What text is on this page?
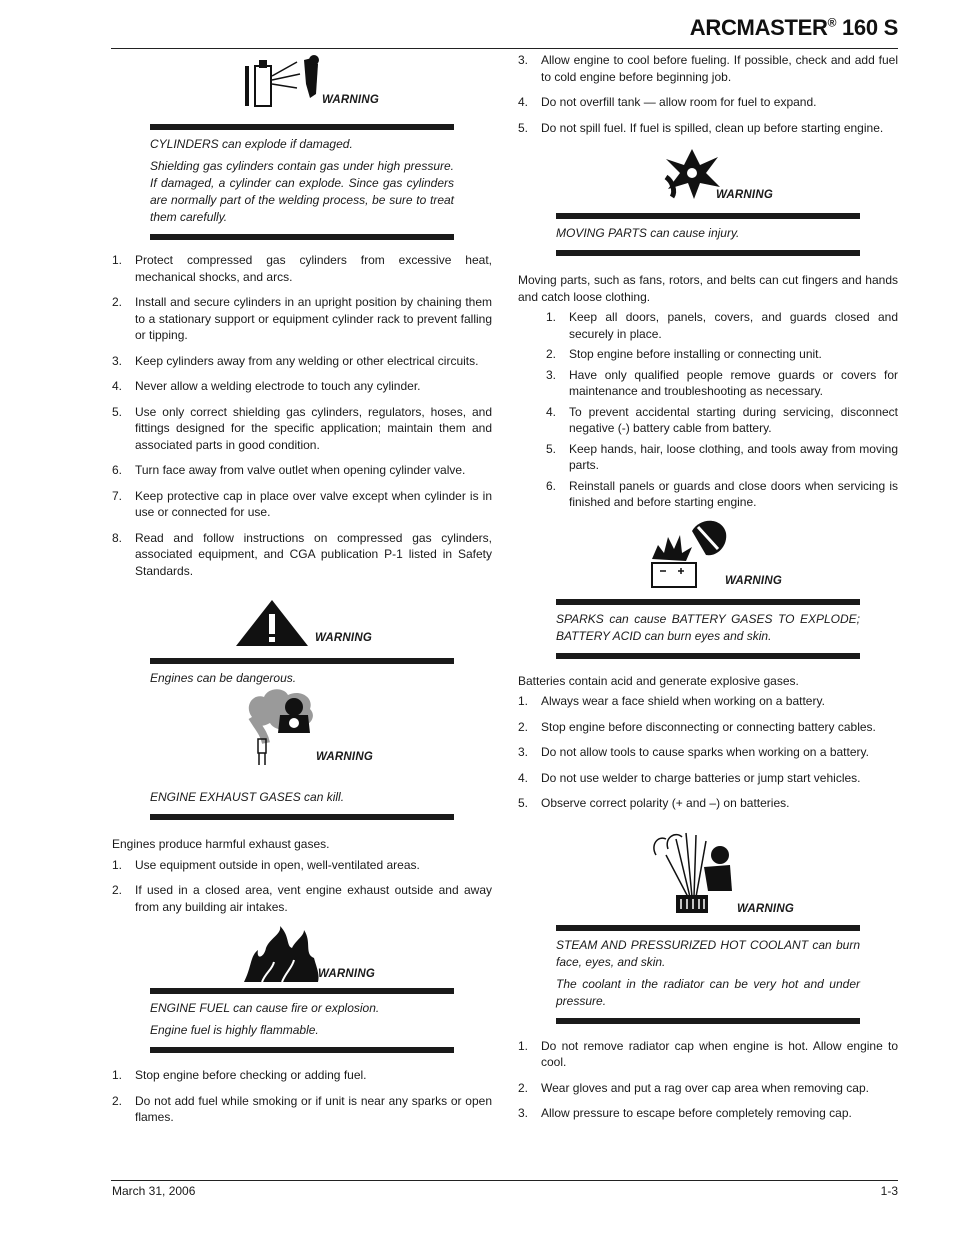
ARCMASTER® 160 S
WARNING

CYLINDERS can explode if damaged.

Shielding gas cylinders contain gas under high pressure. If damaged, a cylinder can explode. Since gas cylinders are normally part of the welding process, be sure to treat them carefully.

1. Protect compressed gas cylinders from excessive heat, mechanical shocks, and arcs.
2. Install and secure cylinders in an upright position by chaining them to a stationary support or equipment cylinder rack to prevent falling or tipping.
3. Keep cylinders away from any welding or other electrical circuits.
4. Never allow a welding electrode to touch any cylinder.
5. Use only correct shielding gas cylinders, regulators, hoses, and fittings designed for the specific application; maintain them and associated parts in good condition.
6. Turn face away from valve outlet when opening cylinder valve.
7. Keep protective cap in place over valve except when cylinder is in use or connected for use.
8. Read and follow instructions on compressed gas cylinders, associated equipment, and CGA publication P-1 listed in Safety Standards.
WARNING

Engines can be dangerous.

WARNING

ENGINE EXHAUST GASES can kill.

Engines produce harmful exhaust gases.

1. Use equipment outside in open, well-ventilated areas.
2. If used in a closed area, vent engine exhaust outside and away from any building air intakes.
WARNING

ENGINE FUEL can cause fire or explosion.

Engine fuel is highly flammable.

1. Stop engine before checking or adding fuel.
2. Do not add fuel while smoking or if unit is near any sparks or open flames.
3. Allow engine to cool before fueling. If possible, check and add fuel to cold engine before beginning job.
4. Do not overfill tank — allow room for fuel to expand.
5. Do not spill fuel. If fuel is spilled, clean up before starting engine.
WARNING

MOVING PARTS can cause injury.

Moving parts, such as fans, rotors, and belts can cut fingers and hands and catch loose clothing.

1. Keep all doors, panels, covers, and guards closed and securely in place.
2. Stop engine before installing or connecting unit.
3. Have only qualified people remove guards or covers for maintenance and troubleshooting as necessary.
4. To prevent accidental starting during servicing, disconnect negative (-) battery cable from battery.
5. Keep hands, hair, loose clothing, and tools away from moving parts.
6. Reinstall panels or guards and close doors when servicing is finished and before starting engine.
WARNING

SPARKS can cause BATTERY GASES TO EXPLODE; BATTERY ACID can burn eyes and skin.

Batteries contain acid and generate explosive gases.

1. Always wear a face shield when working on a battery.
2. Stop engine before disconnecting or connecting battery cables.
3. Do not allow tools to cause sparks when working on a battery.
4. Do not use welder to charge batteries or jump start vehicles.
5. Observe correct polarity (+ and –) on batteries.
WARNING

STEAM AND PRESSURIZED HOT COOLANT can burn face, eyes, and skin.

The coolant in the radiator can be very hot and under pressure.

1. Do not remove radiator cap when engine is hot. Allow engine to cool.
2. Wear gloves and put a rag over cap area when removing cap.
3. Allow pressure to escape before completely removing cap.
March 31, 2006	1-3
